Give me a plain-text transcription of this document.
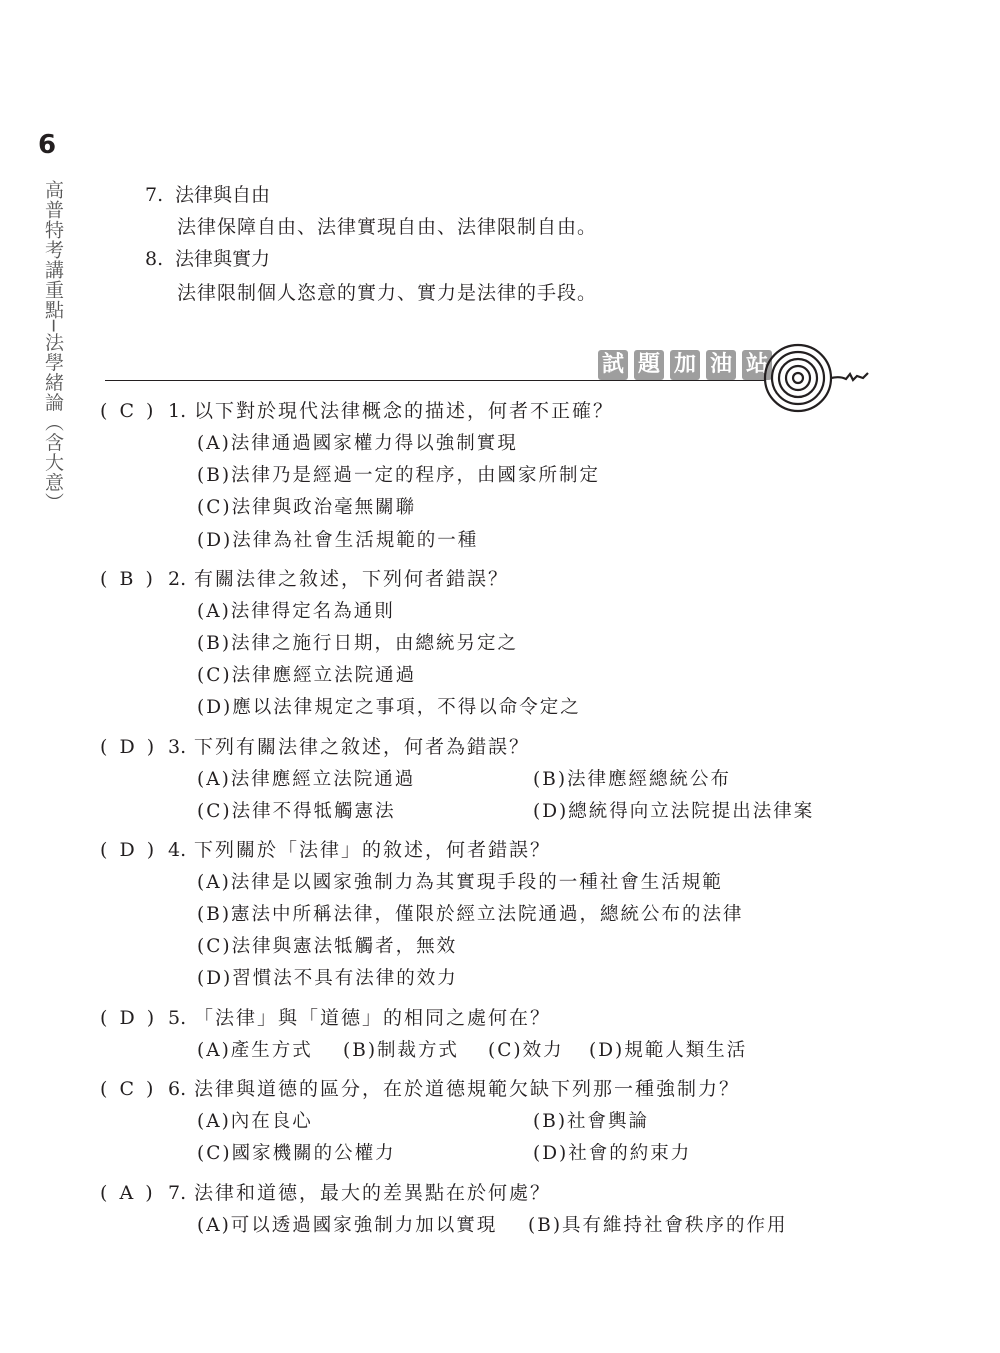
6
高普特考講重點─法學緒論（含大意）	7. 法律與自由
法律保障自由、法律實現自由、法律限制自由。
8. 法律與實力
法律限制個人恣意的實力、實力是法律的手段。
試 題 加 油 站
( C ) 1. 以下對於現代法律概念的描述，何者不正確？
(A)法律通過國家權力得以強制實現
(B)法律乃是經過一定的程序，由國家所制定
(C)法律與政治毫無關聯
(D)法律為社會生活規範的一種
( B ) 2. 有關法律之敘述，下列何者錯誤？
(A)法律得定名為通則
(B)法律之施行日期，由總統另定之
(C)法律應經立法院通過
(D)應以法律規定之事項，不得以命令定之
( D ) 3. 下列有關法律之敘述，何者為錯誤？
(A)法律應經立法院通過	(B)法律應經總統公布
(C)法律不得牴觸憲法	(D)總統得向立法院提出法律案
( D ) 4. 下列關於「法律」的敘述，何者錯誤？
(A)法律是以國家強制力為其實現手段的一種社會生活規範
(B)憲法中所稱法律，僅限於經立法院通過，總統公布的法律
(C)法律與憲法牴觸者，無效
(D)習慣法不具有法律的效力
( D ) 5. 「法律」與「道德」的相同之處何在？
(A)產生方式 (B)制裁方式 (C)效力 (D)規範人類生活
( C ) 6. 法律與道德的區分，在於道德規範欠缺下列那一種強制力？
(A)內在良心	(B)社會輿論
(C)國家機關的公權力	(D)社會的約束力
( A ) 7. 法律和道德，最大的差異點在於何處？
(A)可以透過國家強制力加以實現 (B)具有維持社會秩序的作用
